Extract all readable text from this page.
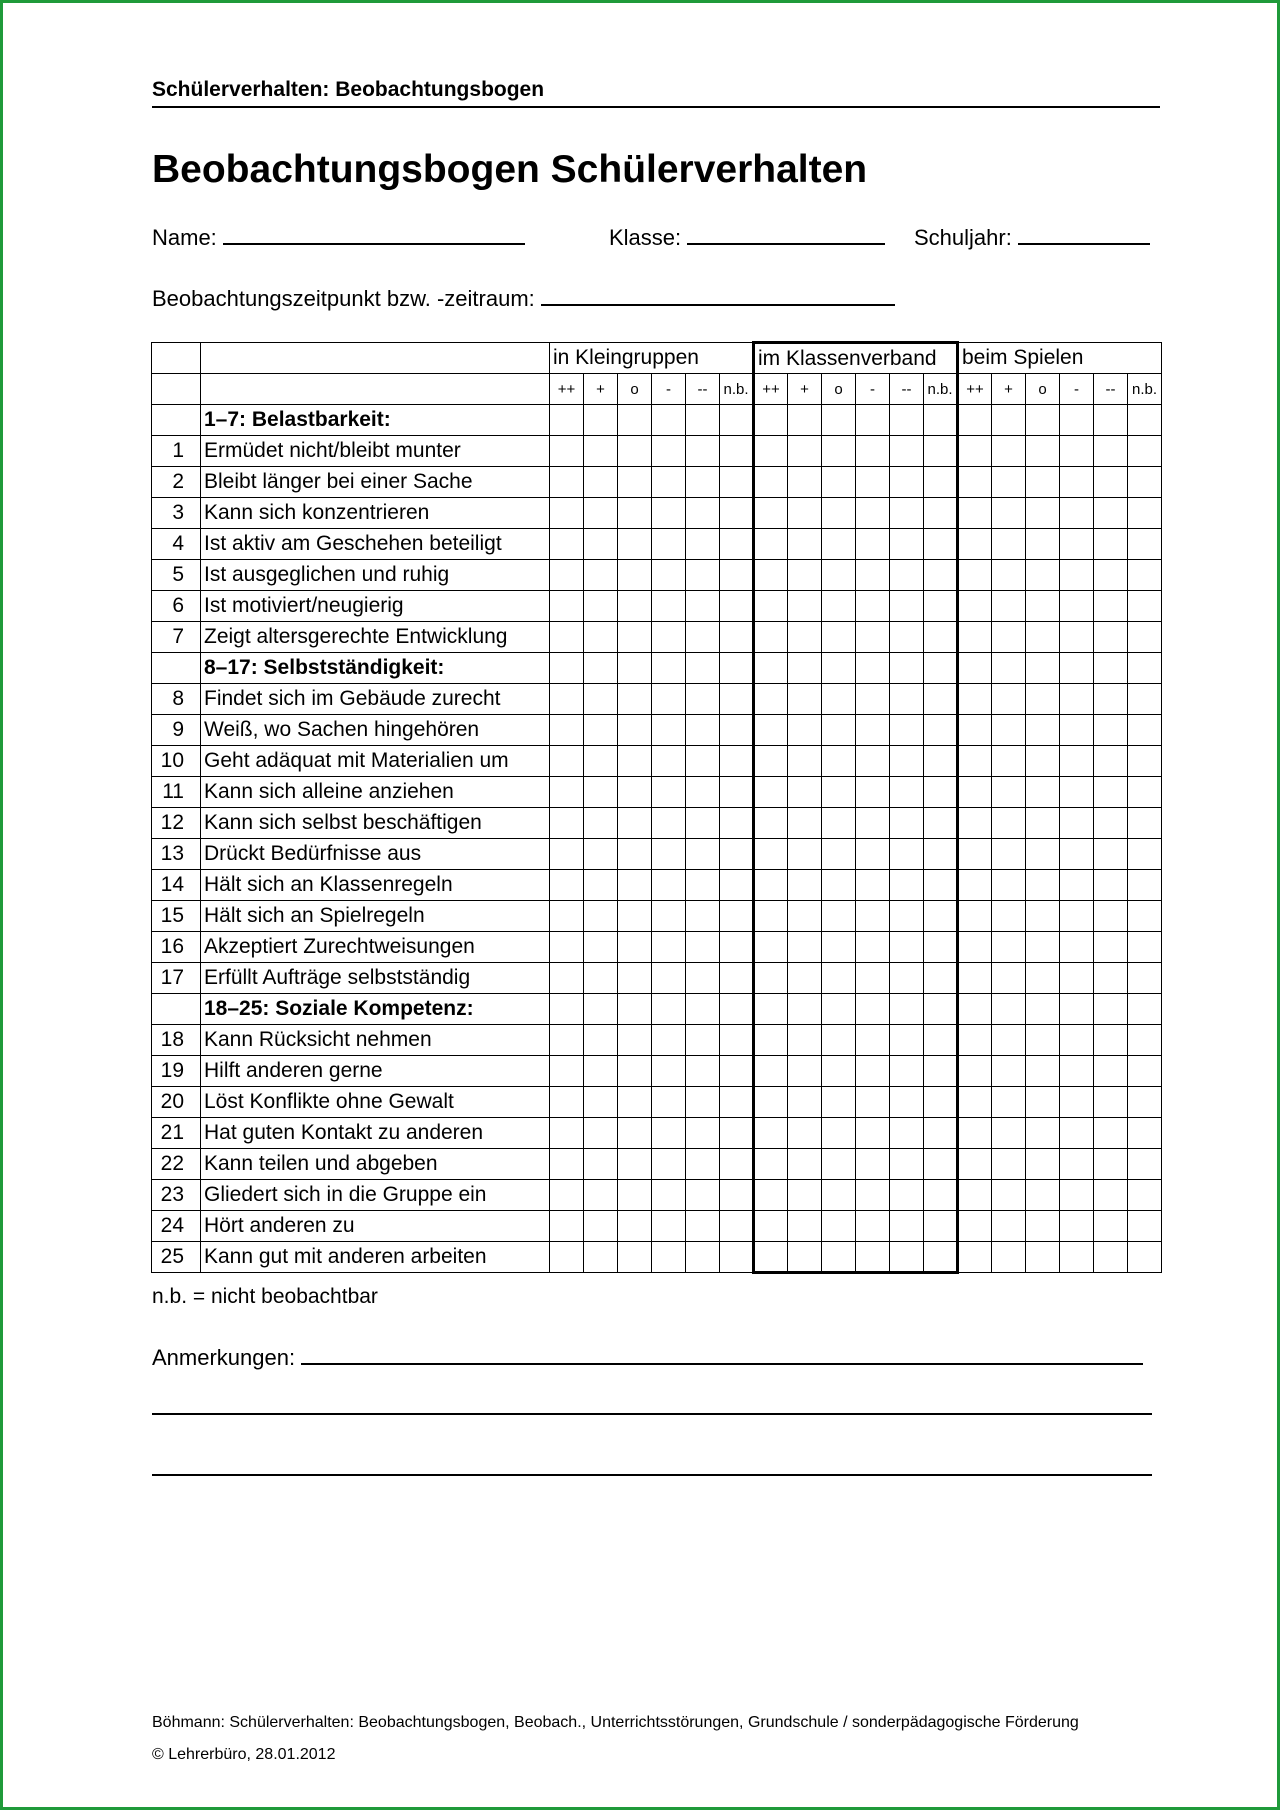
Schülerverhalten: Beobachtungsbogen
Beobachtungsbogen Schülerverhalten
Name:	Klasse:	Schuljahr:
Beobachtungszeitpunkt bzw. -zeitraum:
		in Kleingruppen						im Klassenverband						beim Spielen					
		++	+	o	-	--	n.b.	++	+	o	-	--	n.b.	++	+	o	-	--	n.b.
	1–7: Belastbarkeit:																		
1	Ermüdet nicht/bleibt munter																		
2	Bleibt länger bei einer Sache																		
3	Kann sich konzentrieren																		
4	Ist aktiv am Geschehen beteiligt																		
5	Ist ausgeglichen und ruhig																		
6	Ist motiviert/neugierig																		
7	Zeigt altersgerechte Entwicklung																		
	8–17: Selbstständigkeit:																		
8	Findet sich im Gebäude zurecht																		
9	Weiß, wo Sachen hingehören																		
10	Geht adäquat mit Materialien um																		
11	Kann sich alleine anziehen																		
12	Kann sich selbst beschäftigen																		
13	Drückt Bedürfnisse aus																		
14	Hält sich an Klassenregeln																		
15	Hält sich an Spielregeln																		
16	Akzeptiert Zurechtweisungen																		
17	Erfüllt Aufträge selbstständig																		
	18–25: Soziale Kompetenz:																		
18	Kann Rücksicht nehmen																		
19	Hilft anderen gerne																		
20	Löst Konflikte ohne Gewalt																		
21	Hat guten Kontakt zu anderen																		
22	Kann teilen und abgeben																		
23	Gliedert sich in die Gruppe ein																		
24	Hört anderen zu																		
25	Kann gut mit anderen arbeiten																		
n.b. = nicht beobachtbar
Anmerkungen:
Böhmann: Schülerverhalten: Beobachtungsbogen, Beobach., Unterrichtsstörungen, Grundschule / sonderpädagogische Förderung
© Lehrerbüro, 28.01.2012
